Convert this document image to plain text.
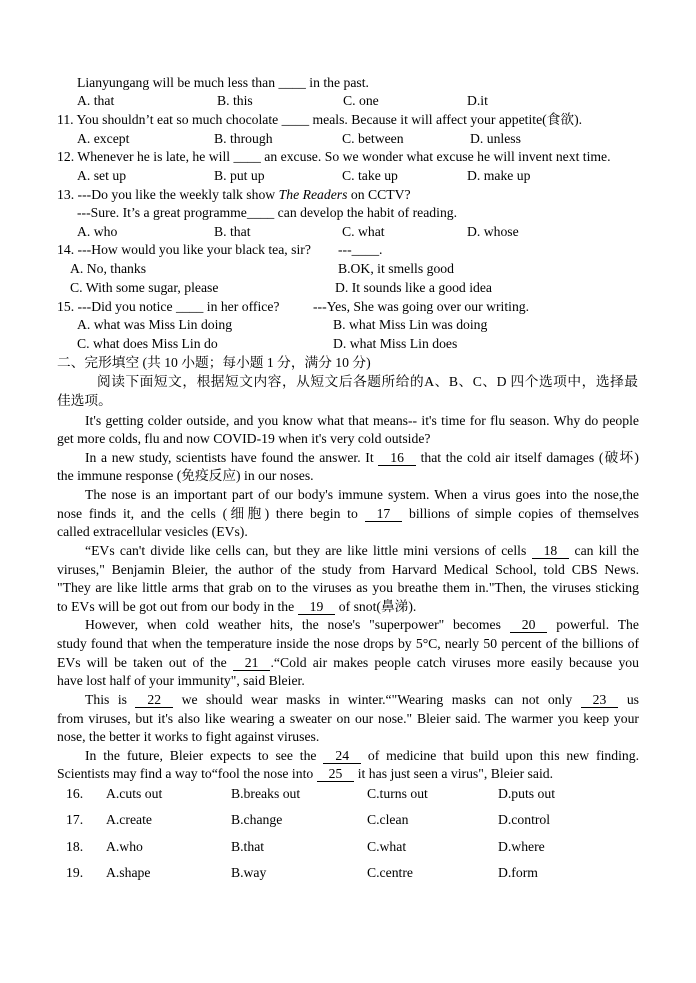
Lianyungang will be much less than ____ in the past.
A. that	B. this	C. one	D.it
11. You shouldn’t eat so much chocolate ____ meals. Because it will affect your appetite(食欲).
A. except	B. through	C. between	D. unless
12. Whenever he is late, he will ____ an excuse. So we wonder what excuse he will invent next time.
A. set up	B. put up	C. take up	D. make up
13. ---Do you like the weekly talk show The Readers on CCTV?
---Sure. It’s a great programme____ can develop the habit of reading.
A. who	B. that	C. what	D. whose
14. ---How would you like your black tea, sir? ---____.
A. No, thanks	B.OK, it smells good
C. With some sugar, please	D. It sounds like a good idea
15. ---Did you notice ____ in her office? ---Yes, She was going over our writing.
A. what was Miss Lin doing	B. what Miss Lin was doing
C. what does Miss Lin do	D. what Miss Lin does
二、完形填空 (共 10 小题；每小题 1 分，满分 10 分)
阅读下面短文，根据短文内容，从短文后各题所给的A、B、C、D 四个选项中，选择最
佳选项。
It's getting colder outside, and you know what that means-- it's time for flu season. Why do people
get more colds, flu and now COVID-19 when it's very cold outside?
In a new study, scientists have found the answer. It 16 that the cold air itself damages (破坏)
the immune response (免疫反应) in our noses.
The nose is an important part of our body's immune system. When a virus goes into the nose,the
nose finds it, and the cells (细胞) there begin to 17 billions of simple copies of themselves
called extracellular vesicles (EVs).
“EVs can't divide like cells can, but they are like little mini versions of cells 18 can kill the
viruses," Benjamin Bleier, the author of the study from Harvard Medical School, told CBS News.
"They are like little arms that grab on to the viruses as you breathe them in."Then, the viruses sticking
to EVs will be got out from our body in the 19 of snot(鼻涕).
However, when cold weather hits, the nose's "superpower" becomes 20 powerful. The
study found that when the temperature inside the nose drops by 5°C, nearly 50 percent of the billions of
EVs will be taken out of the 21 .“Cold air makes people catch viruses more easily because you
have lost half of your immunity", said Bleier.
This is 22 we should wear masks in winter.“"Wearing masks can not only 23 us
from viruses, but it's also like wearing a sweater on our nose." Bleier said. The warmer you keep your
nose, the better it works to fight against viruses.
In the future, Bleier expects to see the 24 of medicine that build upon this new finding.
Scientists may find a way to“fool the nose into 25 it has just seen a virus", Bleier said.
16. A.cuts out	B.breaks out	C.turns out	D.puts out
17. A.create	B.change	C.clean	D.control
18. A.who	B.that	C.what	D.where
19. A.shape	B.way	C.centre	D.form
